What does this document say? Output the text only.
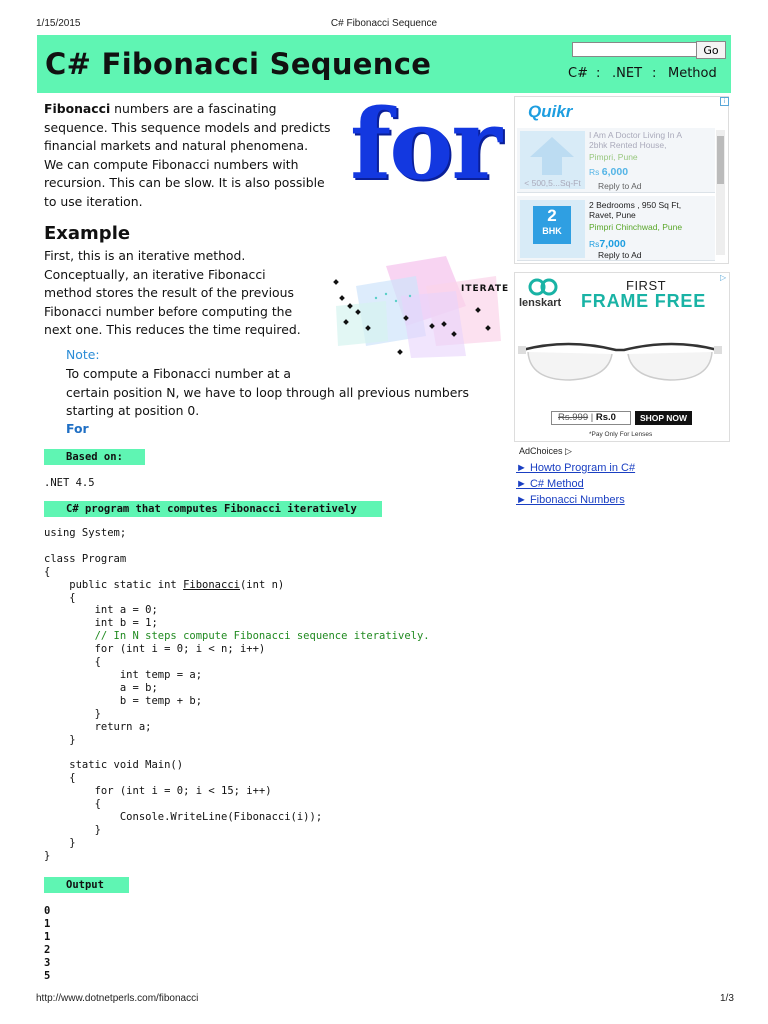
1/15/2015	C# Fibonacci Sequence
C# Fibonacci Sequence	Go
C# : .NET : Method
Fibonacci numbers are a fascinating
sequence. This sequence models and predicts
financial markets and natural phenomena.
We can compute Fibonacci numbers with
recursion. This can be slow. It is also possible
to use iteration.
for
Example
First, this is an iterative method.
Conceptually, an iterative Fibonacci
method stores the result of the previous
Fibonacci number before computing the
next one. This reduces the time required.
ITERATE
Note:
To compute a Fibonacci number at a
certain position N, we have to loop through all previous numbers
starting at position 0.
For
Based on:
.NET 4.5
C# program that computes Fibonacci iteratively
using System;

class Program
{
public static int Fibonacci(int n)
{
int a = 0;
int b = 1;
// In N steps compute Fibonacci sequence iteratively.
for (int i = 0; i < n; i++)
{
int temp = a;
a = b;
b = temp + b;
}
return a;
}

static void Main()
{
for (int i = 0; i < 15; i++)
{
Console.WriteLine(Fibonacci(i));
}
}
}
Output
0
1
1
2
3
5
i
Quikr
< 500,5...Sq-Ft
I Am A Doctor Living In A
2bhk Rented House,
Pimpri, Pune
Rs 6,000
Reply to Ad
2
BHK
2 Bedrooms , 950 Sq Ft,
Ravet, Pune
Pimpri Chinchwad, Pune
Rs7,000
Reply to Ad
▷
lenskart
FIRST
FRAME FREE
Rs.999 | Rs.0	SHOP NOW
*Pay Only For Lenses
AdChoices ▷
► Howto Program in C#
► C# Method
► Fibonacci Numbers
http://www.dotnetperls.com/fibonacci	1/3
